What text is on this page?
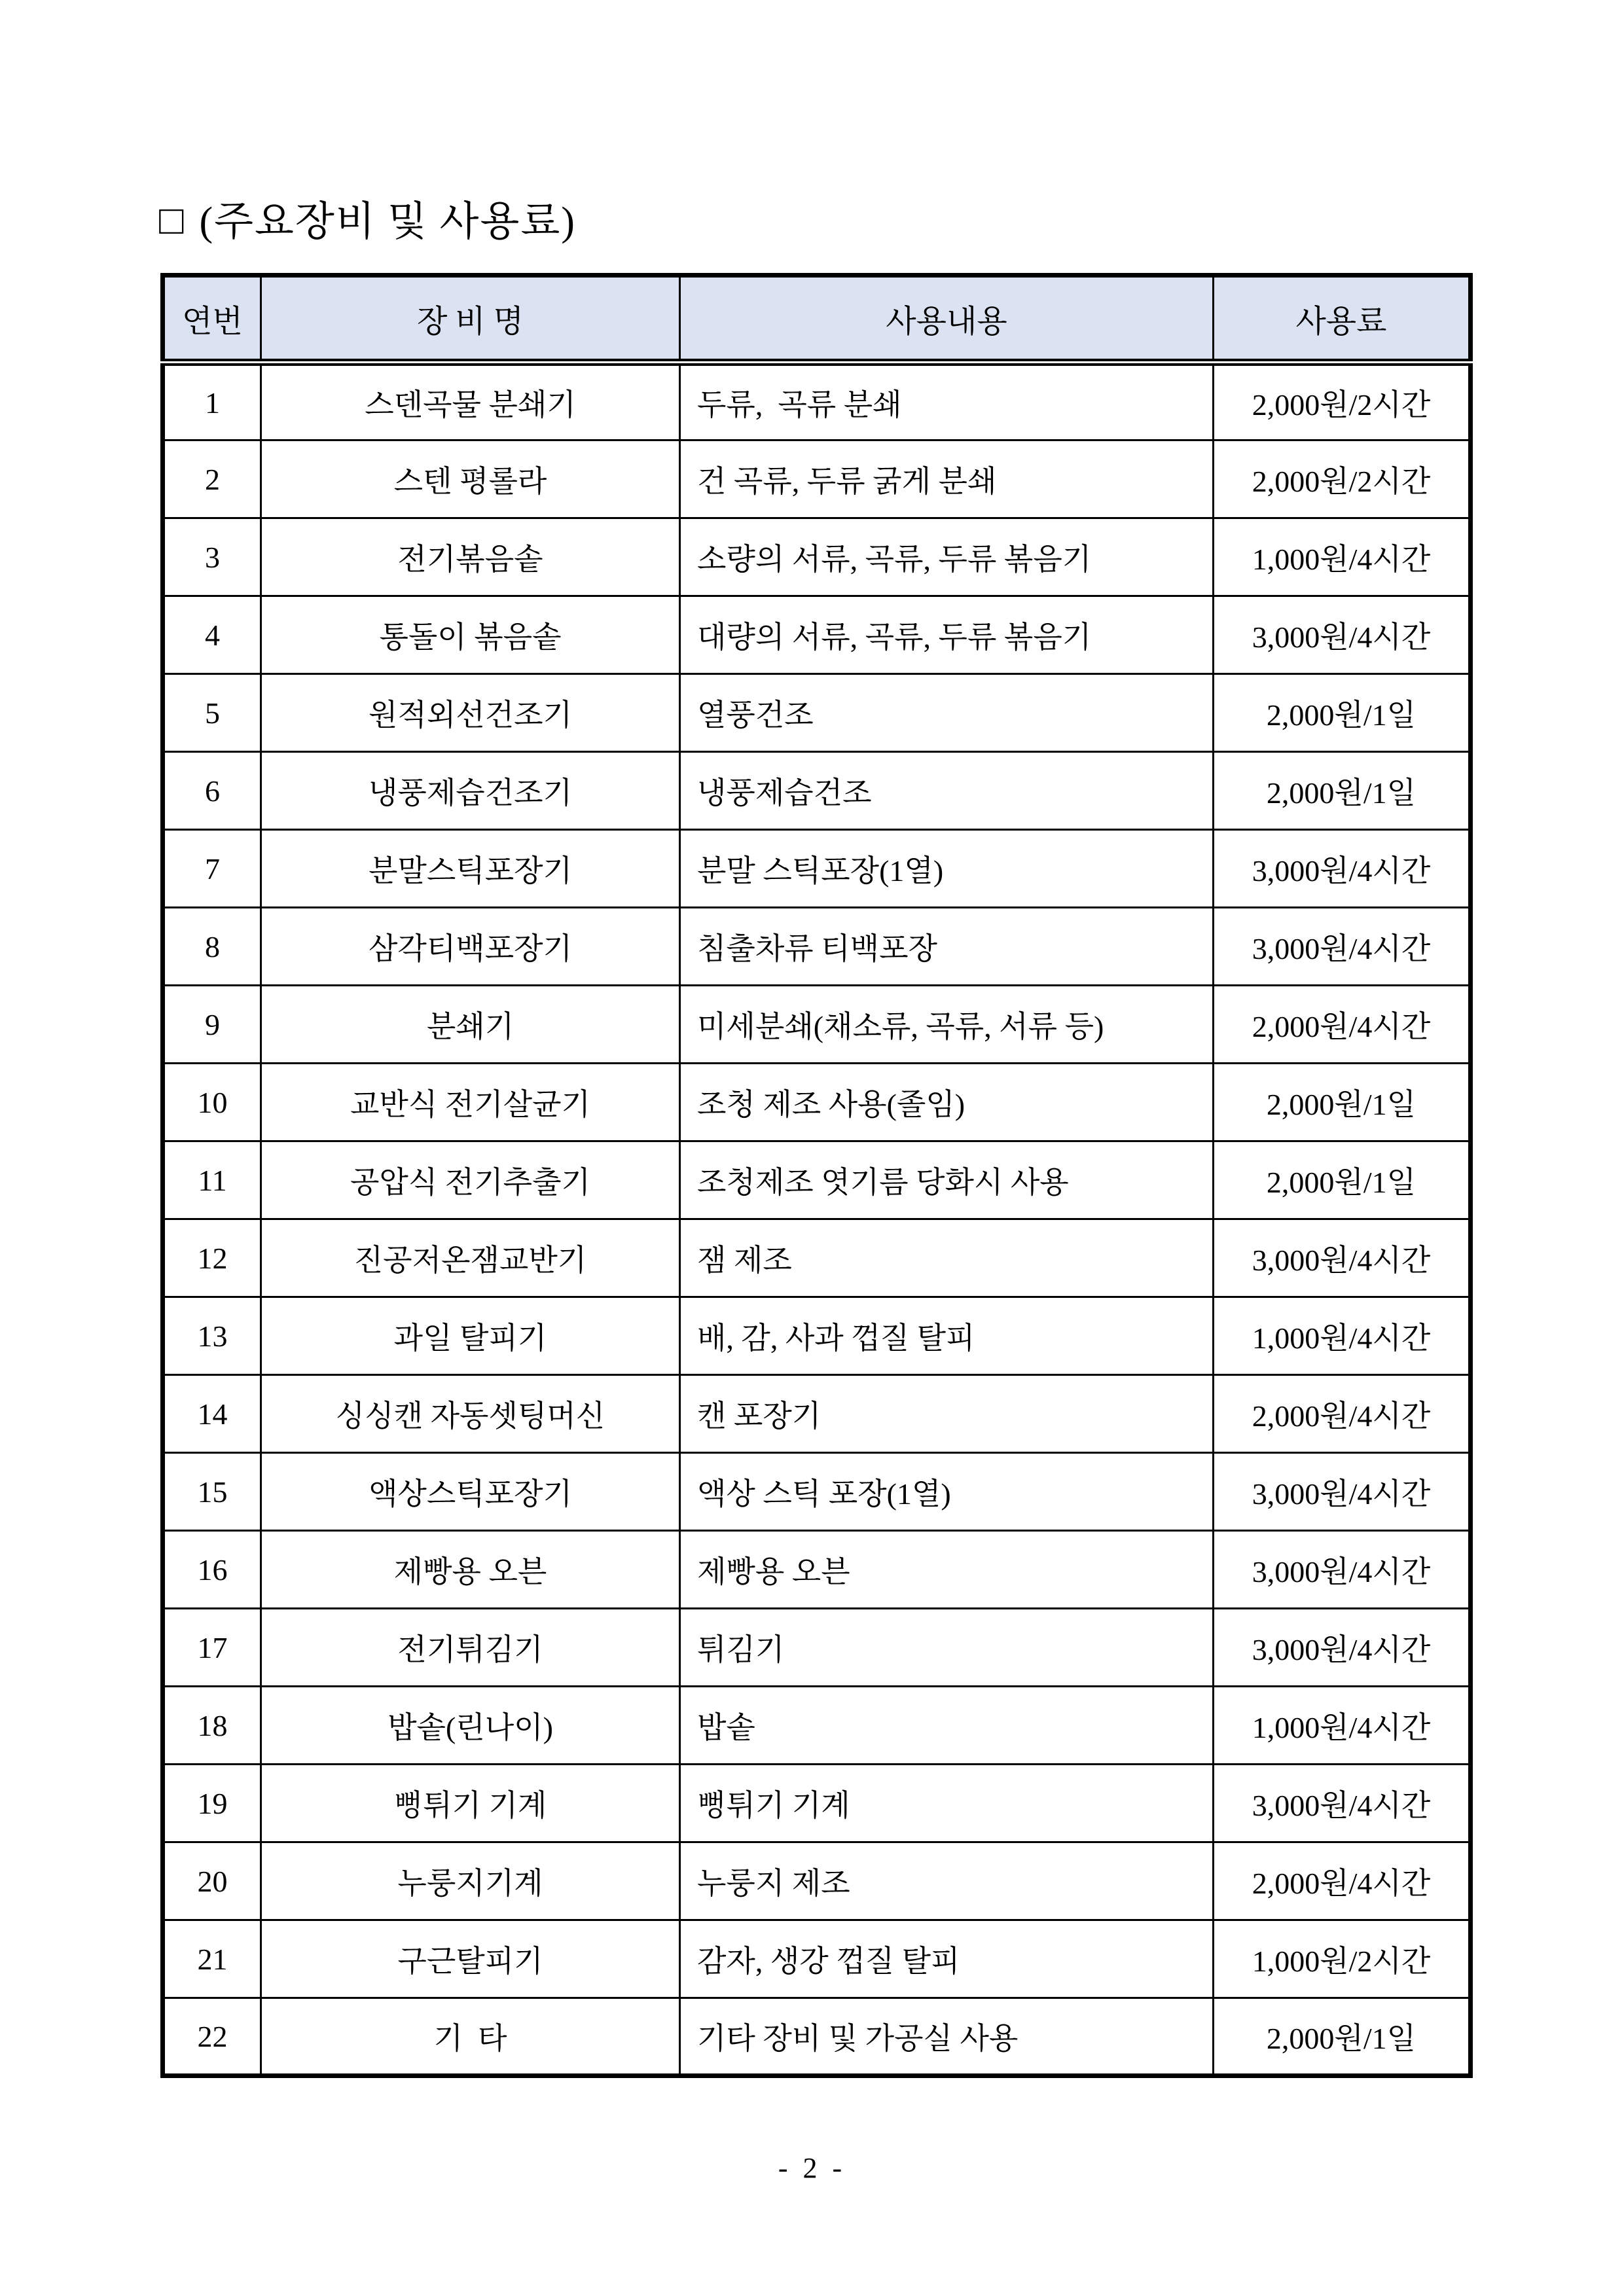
□ (주요장비 및 사용료)
연번	장 비 명	사용내용	사용료
1	스덴곡물 분쇄기	두류,  곡류 분쇄	2,000원/2시간
2	스텐 평롤라	건 곡류, 두류 굵게 분쇄	2,000원/2시간
3	전기볶음솥	소량의 서류, 곡류, 두류 볶음기	1,000원/4시간
4	통돌이 볶음솥	대량의 서류, 곡류, 두류 볶음기	3,000원/4시간
5	원적외선건조기	열풍건조	2,000원/1일
6	냉풍제습건조기	냉풍제습건조	2,000원/1일
7	분말스틱포장기	분말 스틱포장(1열)	3,000원/4시간
8	삼각티백포장기	침출차류 티백포장	3,000원/4시간
9	분쇄기	미세분쇄(채소류, 곡류, 서류 등)	2,000원/4시간
10	교반식 전기살균기	조청 제조 사용(졸임)	2,000원/1일
11	공압식 전기추출기	조청제조 엿기름 당화시 사용	2,000원/1일
12	진공저온잼교반기	잼 제조	3,000원/4시간
13	과일 탈피기	배, 감, 사과 껍질 탈피	1,000원/4시간
14	싱싱캔 자동셋팅머신	캔 포장기	2,000원/4시간
15	액상스틱포장기	액상 스틱 포장(1열)	3,000원/4시간
16	제빵용 오븐	제빵용 오븐	3,000원/4시간
17	전기튀김기	튀김기	3,000원/4시간
18	밥솥(린나이)	밥솥	1,000원/4시간
19	뻥튀기 기계	뻥튀기 기계	3,000원/4시간
20	누룽지기계	누룽지 제조	2,000원/4시간
21	구근탈피기	감자, 생강 껍질 탈피	1,000원/2시간
22	기  타	기타 장비 및 가공실 사용	2,000원/1일
- 2 -
